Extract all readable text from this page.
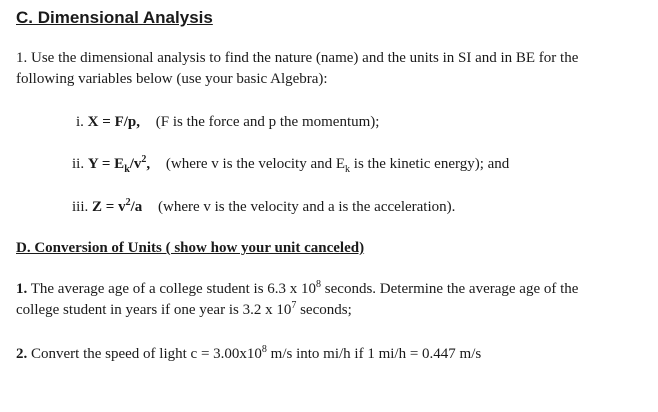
C. Dimensional Analysis
1. Use the dimensional analysis to find the nature (name) and the units in SI and in BE for the
following variables below (use your basic Algebra):
i. X = F/p, (F is the force and p the momentum);
ii. $Y = E_k/v^2$, (where v is the velocity and $E_k$ is the kinetic energy); and
iii. $Z = v^2/a$ (where v is the velocity and a is the acceleration).
D. Conversion of Units ( show how your unit canceled)
1. The average age of a college student is 6.3 x $10^8$ seconds. Determine the average age of the
college student in years if one year is 3.2 x $10^7$ seconds;
2. Convert the speed of light $c = 3.00x10^8$ m/s into mi/h if 1 mi/h = 0.447 m/s
